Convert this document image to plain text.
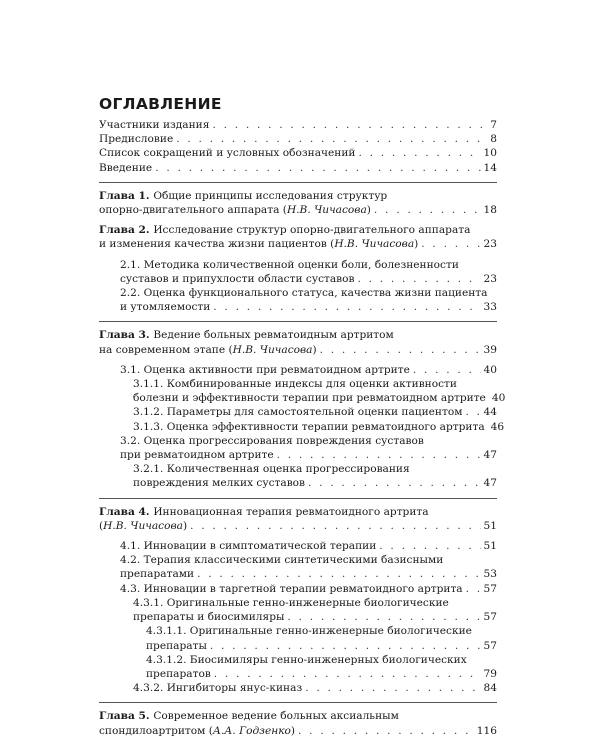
ОГЛАВЛЕНИЕ
Участники издания . . .	7
Предисловие . . .	8
Список сокращений и условных обозначений . . .	10
Введение . . .	14
Глава 1. Общие принципы исследования структур
опорно-двигательного аппарата (Н.В. Чичасова) . . .	18
Глава 2. Исследование структур опорно-двигательного аппарата
и изменения качества жизни пациентов (Н.В. Чичасова) . . .	23
2.1. Методика количественной оценки боли, болезненности
суставов и припухлости области суставов . . .	23
2.2. Оценка функционального статуса, качества жизни пациента
и утомляемости . . .	33
Глава 3. Ведение больных ревматоидным артритом
на современном этапе (Н.В. Чичасова) . . .	39
3.1. Оценка активности при ревматоидном артрите . . .	40
3.1.1. Комбинированные индексы для оценки активности
болезни и эффективности терапии при ревматоидном артрите 40
3.1.2. Параметры для самостоятельной оценки пациентом . . . 44
3.1.3. Оценка эффективности терапии ревматоидного артрита 46
3.2. Оценка прогрессирования повреждения суставов
при ревматоидном артрите . . .	47
3.2.1. Количественная оценка прогрессирования
повреждения мелких суставов . . .	47
Глава 4. Инновационная терапия ревматоидного артрита
(Н.В. Чичасова) . . .	51
4.1. Инновации в симптоматической терапии . . .	51
4.2. Терапия классическими синтетическими базисными
препаратами . . .	53
4.3. Инновации в таргетной терапии ревматоидного артрита . . . 57
4.3.1. Оригинальные генно-инженерные биологические
препараты и биосимиляры . . .	57
4.3.1.1. Оригинальные генно-инженерные биологические
препараты . . .	57
4.3.1.2. Биосимиляры генно-инженерных биологических
препаратов . . .	79
4.3.2. Ингибиторы янус-киназ . . .	84
Глава 5. Современное ведение больных аксиальным
спондилоартритом (А.А. Годзенко) . . .	116
